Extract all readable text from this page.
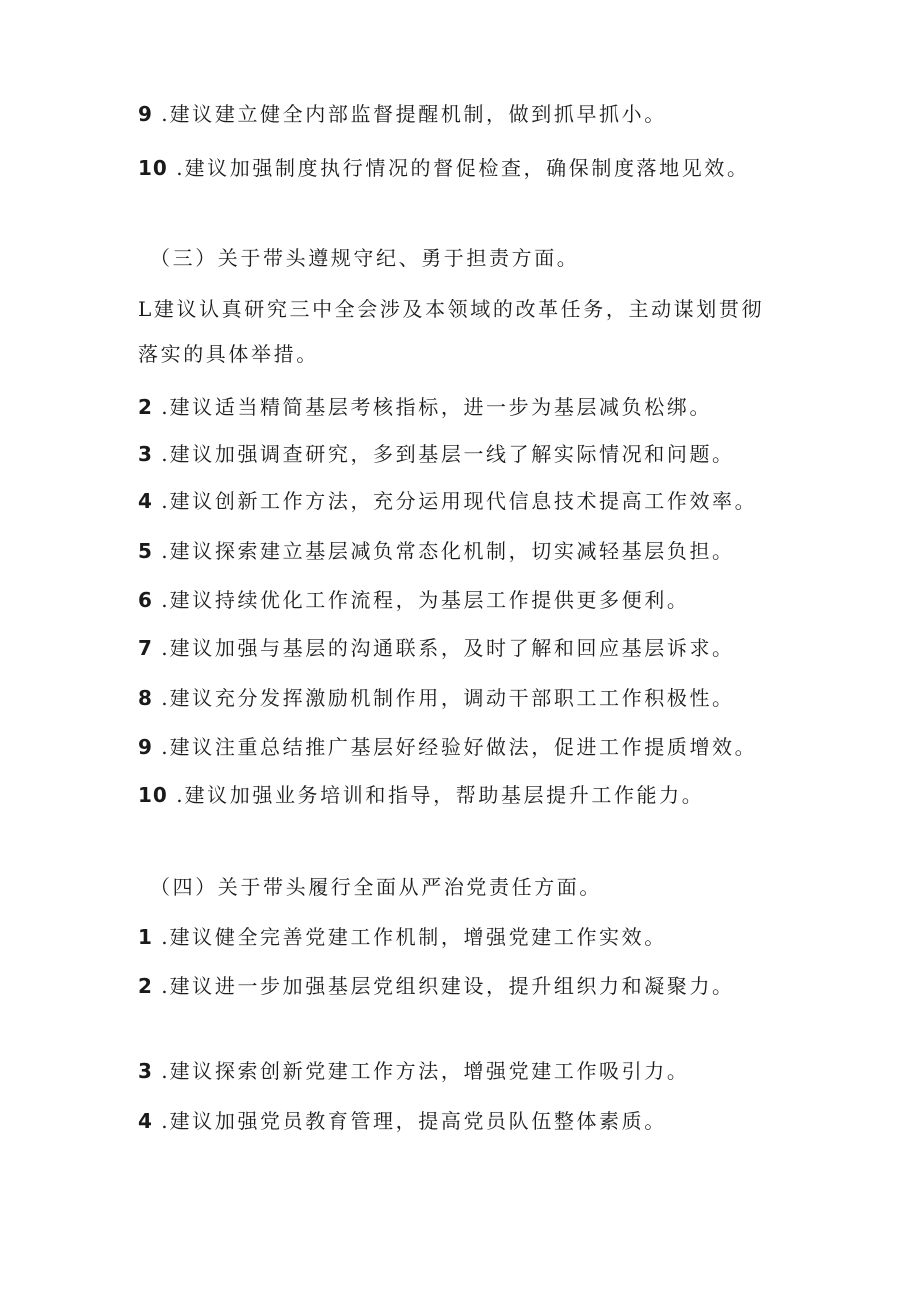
9 .建议建立健全内部监督提醒机制，做到抓早抓小。
10 .建议加强制度执行情况的督促检查，确保制度落地见效。
（三）关于带头遵规守纪、勇于担责方面。
L建议认真研究三中全会涉及本领域的改革任务，主动谋划贯彻
落实的具体举措。
2 .建议适当精简基层考核指标，进一步为基层减负松绑。
3 .建议加强调查研究，多到基层一线了解实际情况和问题。
4 .建议创新工作方法，充分运用现代信息技术提高工作效率。
5 .建议探索建立基层减负常态化机制，切实减轻基层负担。
6 .建议持续优化工作流程，为基层工作提供更多便利。
7 .建议加强与基层的沟通联系，及时了解和回应基层诉求。
8 .建议充分发挥激励机制作用，调动干部职工工作积极性。
9 .建议注重总结推广基层好经验好做法，促进工作提质增效。
10 .建议加强业务培训和指导，帮助基层提升工作能力。
（四）关于带头履行全面从严治党责任方面。
1 .建议健全完善党建工作机制，增强党建工作实效。
2 .建议进一步加强基层党组织建设，提升组织力和凝聚力。
3 .建议探索创新党建工作方法，增强党建工作吸引力。
4 .建议加强党员教育管理，提高党员队伍整体素质。
